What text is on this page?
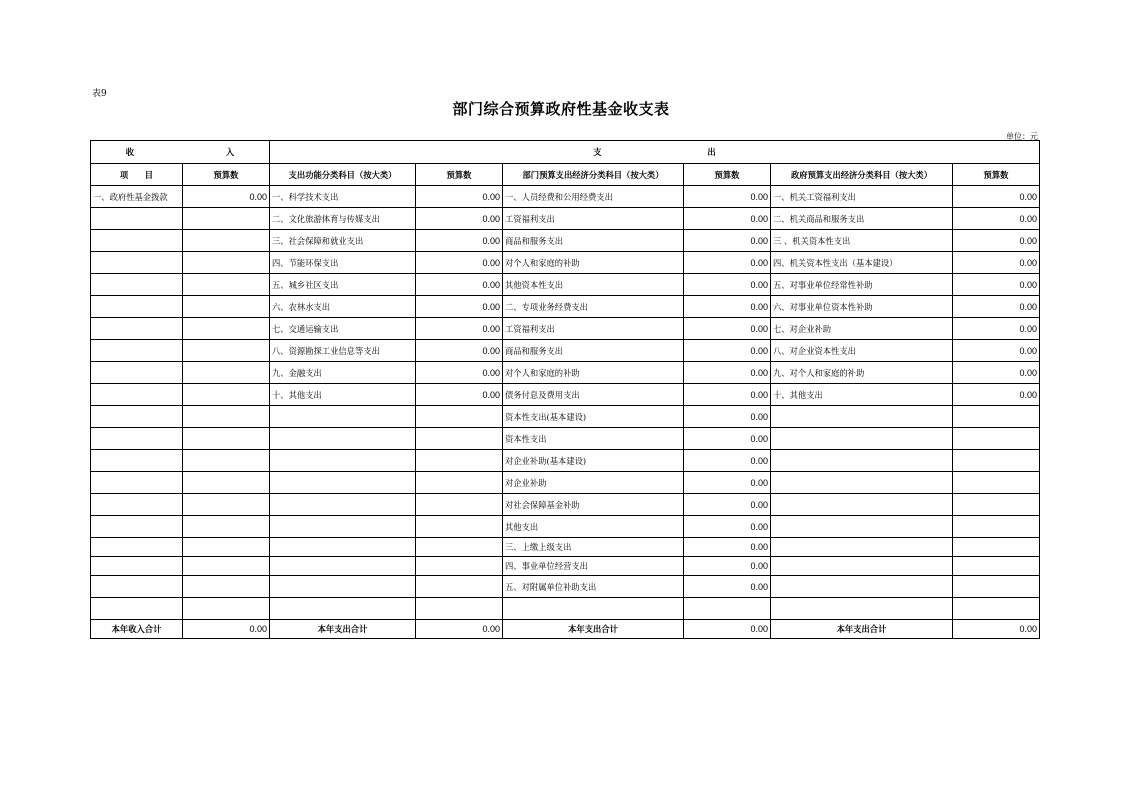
表9
部门综合预算政府性基金收支表
单位：元
收 入		支 出					
项　　目	预算数	支出功能分类科目（按大类）	预算数	部门预算支出经济分类科目（按大类）	预算数	政府预算支出经济分类科目（按大类）	预算数
一、政府性基金拨款	0.00	一、科学技术支出	0.00	一、人员经费和公用经费支出	0.00	一、机关工资福利支出	0.00
		二、文化旅游体育与传媒支出	0.00	工资福利支出	0.00	二、机关商品和服务支出	0.00
		三、社会保障和就业支出	0.00	商品和服务支出	0.00	三 、机关资本性支出	0.00
		四、节能环保支出	0.00	对个人和家庭的补助	0.00	四、机关资本性支出（基本建设）	0.00
		五、城乡社区支出	0.00	其他资本性支出	0.00	五、对事业单位经常性补助	0.00
		六、农林水支出	0.00	二、专项业务经费支出	0.00	六、对事业单位资本性补助	0.00
		七、交通运输支出	0.00	工资福利支出	0.00	七、对企业补助	0.00
		八、资源勘探工业信息等支出	0.00	商品和服务支出	0.00	八、对企业资本性支出	0.00
		九、金融支出	0.00	对个人和家庭的补助	0.00	九、对个人和家庭的补助	0.00
		十、其他支出	0.00	债务付息及费用支出	0.00	十、其他支出	0.00
				资本性支出(基本建设)	0.00		
				资本性支出	0.00		
				对企业补助(基本建设)	0.00		
				对企业补助	0.00		
				对社会保障基金补助	0.00		
				其他支出	0.00		
				三、上缴上级支出	0.00		
				四、事业单位经营支出	0.00		
				五、对附属单位补助支出	0.00		

本年收入合计	0.00	本年支出合计	0.00	本年支出合计	0.00	本年支出合计	0.00
